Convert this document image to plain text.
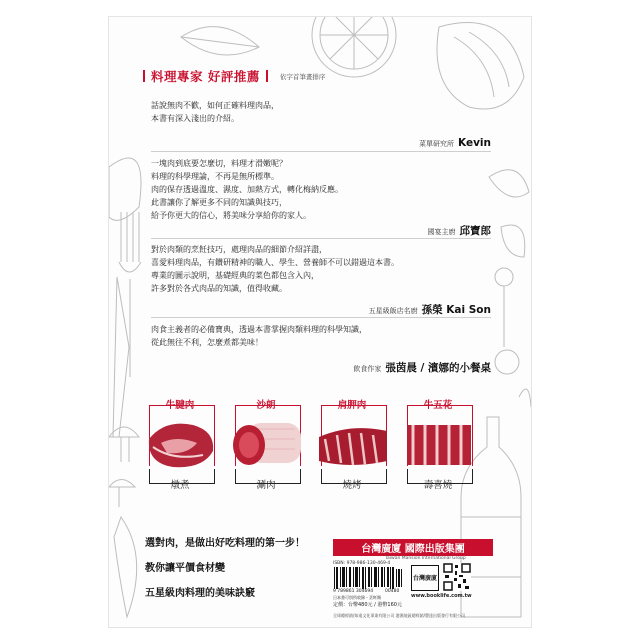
料理專家 好評推薦	依字首筆畫排序
話說無肉不歡，如何正確料理肉品，
本書有深入淺出的介紹。
菜單研究所 Kevin
一塊肉到底要怎麼切，料理才滑嫩呢？
料理的科學理論，不再是無所標準。
肉的保存透過溫度、濕度、加熱方式，轉化梅納反應。
此書讓你了解更多不同的知識與技巧，
給予你更大的信心，將美味分享給你的家人。
國宴主廚 邱寶郎
對於肉類的烹飪技巧，處理肉品的細節介紹詳盡，
喜愛料理肉品，有鑽研精神的職人、學生、營養師不可以錯過這本書。
專業的圖示說明，基礎經典的菜色都包含入內，
許多對於各式肉品的知識，值得收藏。
五星級飯店名廚 孫榮 Kai Son
肉食主義者的必備寶典，透過本書掌握肉類料理的科學知識，
從此無往不利，怎麼煮都美味！
飲食作家 張茵晨 / 濱娜的小餐桌
牛腱肉
燉煮
沙朗
涮肉
肩胛肉
燒烤
牛五花
壽喜燒
選對肉，是做出好吃料理的第一步！
教你讓平價食材變
五星級肉料理的美味訣竅
台灣廣廈 國際出版集團
Taiwan Mansion International Group
ISBN: 978-986-130-469-4
9 789861 304694	00480
日本書可別所收錄・烹飪類
定價：台幣480元 / 港幣160元
台灣廣廈
www.booklife.com.tw
全球總經銷/知遠文化事業有限公司 港澳地區總經銷/豐達出版發行有限公司
